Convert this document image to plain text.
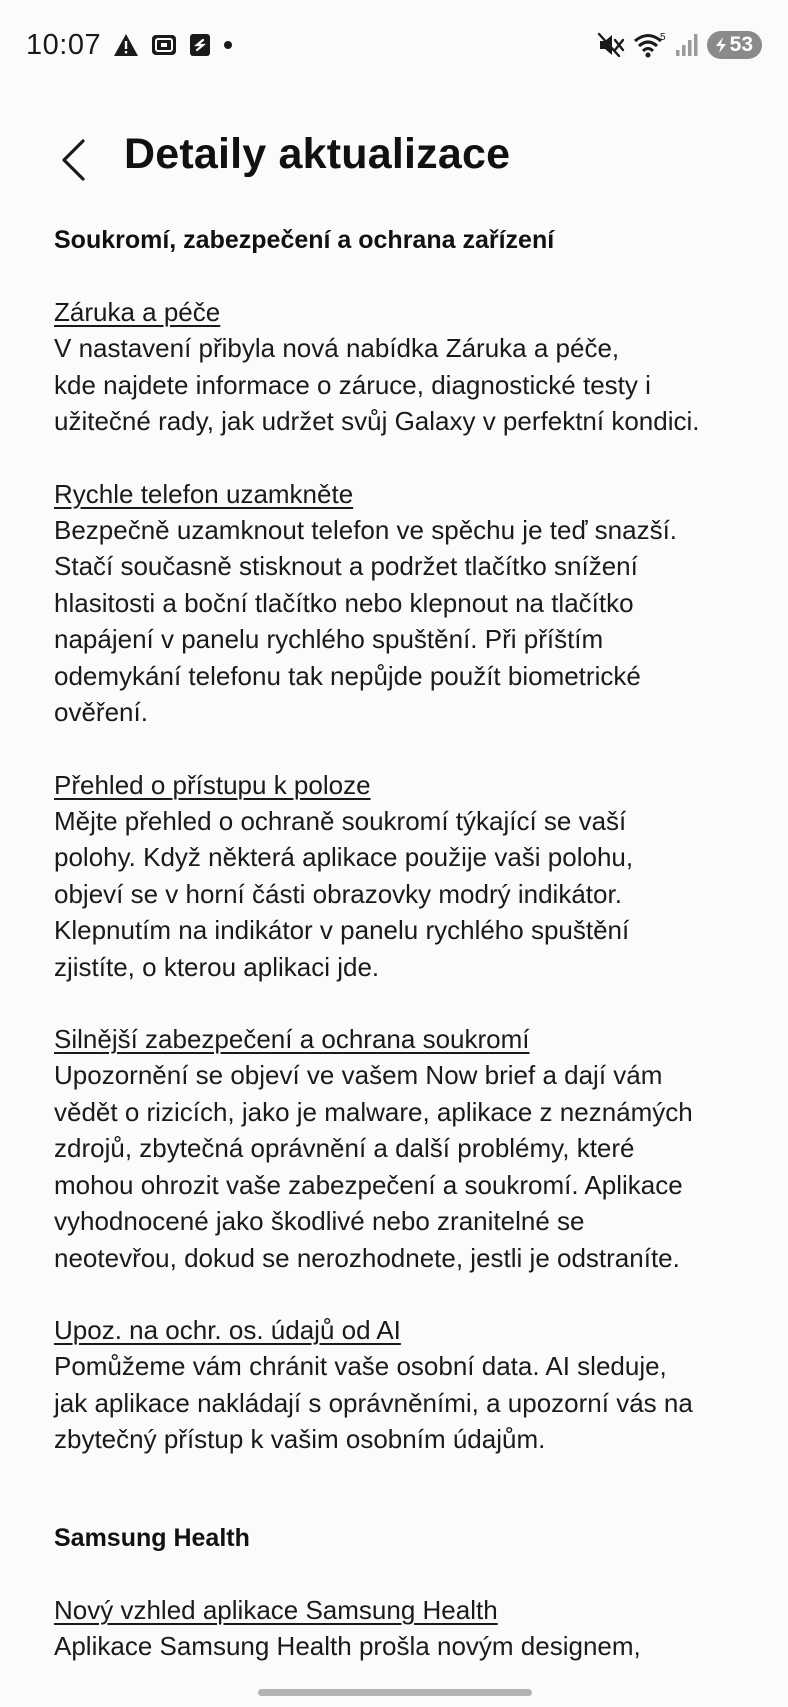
10:07	5	53
Detaily aktualizace
Soukromí, zabezpečení a ochrana zařízení
Záruka a péče

V nastavení přibyla nová nabídka Záruka a péče,

kde najdete informace o záruce, diagnostické testy i

užitečné rady, jak udržet svůj Galaxy v perfektní kondici.

Rychle telefon uzamkněte

Bezpečně uzamknout telefon ve spěchu je teď snazší.

Stačí současně stisknout a podržet tlačítko snížení

hlasitosti a boční tlačítko nebo klepnout na tlačítko

napájení v panelu rychlého spuštění. Při příštím

odemykání telefonu tak nepůjde použít biometrické

ověření.

Přehled o přístupu k poloze

Mějte přehled o ochraně soukromí týkající se vaší

polohy. Když některá aplikace použije vaši polohu,

objeví se v horní části obrazovky modrý indikátor.

Klepnutím na indikátor v panelu rychlého spuštění

zjistíte, o kterou aplikaci jde.

Silnější zabezpečení a ochrana soukromí

Upozornění se objeví ve vašem Now brief a dají vám

vědět o rizicích, jako je malware, aplikace z neznámých

zdrojů, zbytečná oprávnění a další problémy, které

mohou ohrozit vaše zabezpečení a soukromí. Aplikace

vyhodnocené jako škodlivé nebo zranitelné se

neotevřou, dokud se nerozhodnete, jestli je odstraníte.

Upoz. na ochr. os. údajů od AI

Pomůžeme vám chránit vaše osobní data. AI sleduje,

jak aplikace nakládají s oprávněními, a upozorní vás na

zbytečný přístup k vašim osobním údajům.

Samsung Health
Nový vzhled aplikace Samsung Health

Aplikace Samsung Health prošla novým designem,
